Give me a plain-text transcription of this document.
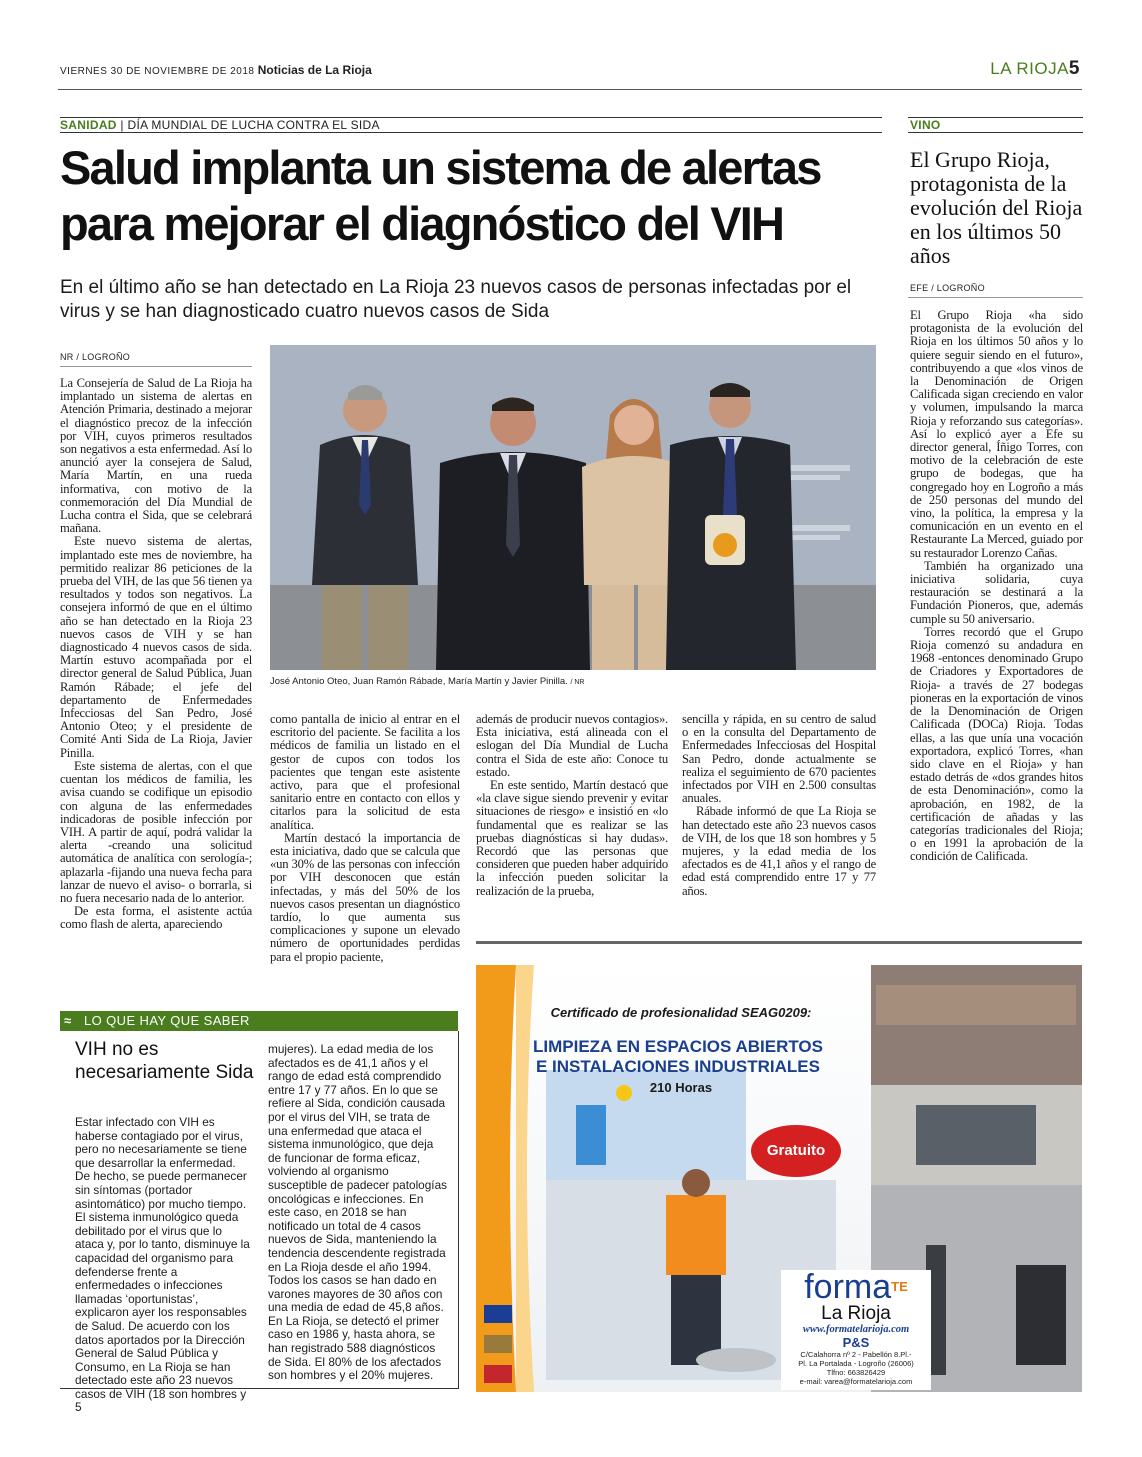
VIERNES 30 DE NOVIEMBRE DE 2018 Noticias de La Rioja	LA RIOJA5
SANIDAD | DÍA MUNDIAL DE LUCHA CONTRA EL SIDA
Salud implanta un sistema de alertas
para mejorar el diagnóstico del VIH
En el último año se han detectado en La Rioja 23 nuevos casos de personas infectadas por el virus y se han diagnosticado cuatro nuevos casos de Sida
NR / LOGROÑO

La Consejería de Salud de La Rioja ha implantado un sistema de alertas en Atención Primaria, destinado a mejorar el diagnóstico precoz de la infección por VIH, cuyos primeros resultados son negativos a esta enfermedad. Así lo anunció ayer la consejera de Salud, María Martín, en una rueda informativa, con motivo de la conmemoración del Día Mundial de Lucha contra el Sida, que se celebrará mañana.

Este nuevo sistema de alertas, implantado este mes de noviembre, ha permitido realizar 86 peticiones de la prueba del VIH, de las que 56 tienen ya resultados y todos son negativos. La consejera informó de que en el último año se han detectado en la Rioja 23 nuevos casos de VIH y se han diagnosticado 4 nuevos casos de sida. Martín estuvo acompañada por el director general de Salud Pública, Juan Ramón Rábade; el jefe del departamento de Enfermedades Infecciosas del San Pedro, José Antonio Oteo; y el presidente de Comité Anti Sida de La Rioja, Javier Pinilla.

Este sistema de alertas, con el que cuentan los médicos de familia, les avisa cuando se codifique un episodio con alguna de las enfermedades indicadoras de posible infección por VIH. A partir de aquí, podrá validar la alerta -creando una solicitud automática de analítica con serología-; aplazarla -fijando una nueva fecha para lanzar de nuevo el aviso- o borrarla, si no fuera necesario nada de lo anterior.

De esta forma, el asistente actúa como flash de alerta, apareciendo

José Antonio Oteo, Juan Ramón Rábade, María Martín y Javier Pinilla. / NR

como pantalla de inicio al entrar en el escritorio del paciente. Se facilita a los médicos de familia un listado en el gestor de cupos con todos los pacientes que tengan este asistente activo, para que el profesional sanitario entre en contacto con ellos y citarlos para la solicitud de esta analítica.

Martín destacó la importancia de esta iniciativa, dado que se calcula que «un 30% de las personas con infección por VIH desconocen que están infectadas, y más del 50% de los nuevos casos presentan un diagnóstico tardío, lo que aumenta sus complicaciones y supone un elevado número de oportunidades perdidas para el propio paciente,

además de producir nuevos contagios». Esta iniciativa, está alineada con el eslogan del Día Mundial de Lucha contra el Sida de este año: Conoce tu estado.

En este sentido, Martín destacó que «la clave sigue siendo prevenir y evitar situaciones de riesgo» e insistió en «lo fundamental que es realizar se las pruebas diagnósticas si hay dudas». Recordó que las personas que consideren que pueden haber adquirido la infección pueden solicitar la realización de la prueba,

sencilla y rápida, en su centro de salud o en la consulta del Departamento de Enfermedades Infecciosas del Hospital San Pedro, donde actualmente se realiza el seguimiento de 670 pacientes infectados por VIH en 2.500 consultas anuales.

Rábade informó de que La Rioja se han detectado este año 23 nuevos casos de VIH, de los que 18 son hombres y 5 mujeres, y la edad media de los afectados es de 41,1 años y el rango de edad está comprendido entre 17 y 77 años.

VINO
El Grupo Rioja, protagonista de la evolución del Rioja en los últimos 50 años
EFE / LOGROÑO

El Grupo Rioja «ha sido protagonista de la evolución del Rioja en los últimos 50 años y lo quiere seguir siendo en el futuro», contribuyendo a que «los vinos de la Denominación de Origen Calificada sigan creciendo en valor y volumen, impulsando la marca Rioja y reforzando sus categorías». Así lo explicó ayer a Efe su director general, Íñigo Torres, con motivo de la celebración de este grupo de bodegas, que ha congregado hoy en Logroño a más de 250 personas del mundo del vino, la política, la empresa y la comunicación en un evento en el Restaurante La Merced, guiado por su restaurador Lorenzo Cañas.

También ha organizado una iniciativa solidaria, cuya restauración se destinará a la Fundación Pioneros, que, además cumple su 50 aniversario.

Torres recordó que el Grupo Rioja comenzó su andadura en 1968 -entonces denominado Grupo de Criadores y Exportadores de Rioja- a través de 27 bodegas pioneras en la exportación de vinos de la Denominación de Origen Calificada (DOCa) Rioja. Todas ellas, a las que unía una vocación exportadora, explicó Torres, «han sido clave en el Rioja» y han estado detrás de «dos grandes hitos de esta Denominación», como la aprobación, en 1982, de la certificación de añadas y las categorías tradicionales del Rioja; o en 1991 la aprobación de la condición de Calificada.

≈ LO QUE HAY QUE SABER
VIH no es necesariamente Sida
Estar infectado con VIH es haberse contagiado por el virus, pero no necesariamente se tiene que desarrollar la enfermedad. De hecho, se puede permanecer sin síntomas (portador asintomático) por mucho tiempo. El sistema inmunológico queda debilitado por el virus que lo ataca y, por lo tanto, disminuye la capacidad del organismo para defenderse frente a enfermedades o infecciones llamadas ‘oportunistas’, explicaron ayer los responsables de Salud. De acuerdo con los datos aportados por la Dirección General de Salud Pública y Consumo, en La Rioja se han detectado este año 23 nuevos casos de VIH (18 son hombres y 5
mujeres). La edad media de los afectados es de 41,1 años y el rango de edad está comprendido entre 17 y 77 años. En lo que se refiere al Sida, condición causada por el virus del VIH, se trata de una enfermedad que ataca el sistema inmunológico, que deja de funcionar de forma eficaz, volviendo al organismo susceptible de padecer patologías oncológicas e infecciones. En este caso, en 2018 se han notificado un total de 4 casos nuevos de Sida, manteniendo la tendencia descendente registrada en La Rioja desde el año 1994. Todos los casos se han dado en varones mayores de 30 años con una media de edad de 45,8 años. En La Rioja, se detectó el primer caso en 1986 y, hasta ahora, se han registrado 588 diagnósticos de Sida. El 80% de los afectados son hombres y el 20% mujeres.
Certificado de profesionalidad SEAG0209:
LIMPIEZA EN ESPACIOS ABIERTOS
E INSTALACIONES INDUSTRIALES
210 Horas
Gratuito
forma$^{TE}$
La Rioja
www.formatelarioja.com
P&S
C/Calahorra nº 2 - Pabellón 8.Pl.-
Pl. La Portalada - Logroño (26006)
Tlfno: 663826429
e-mail: varea@formatelarioja.com
